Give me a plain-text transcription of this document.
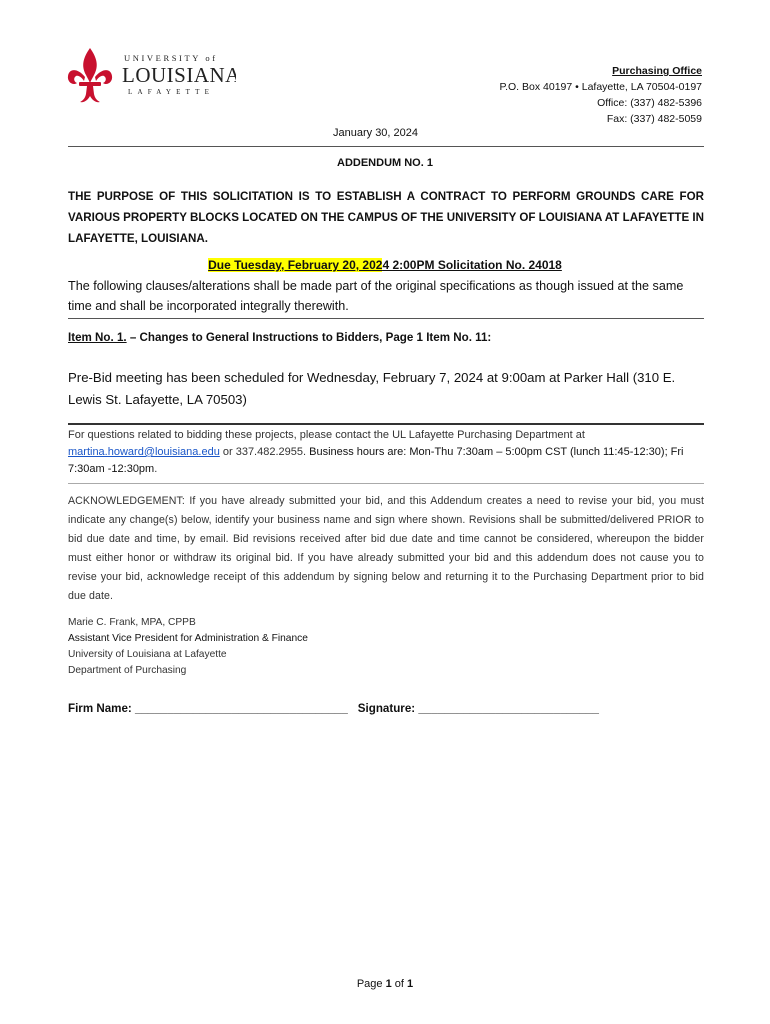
UNIVERSITY of
LOUISIANA
LAFAYETTE
Purchasing Office
P.O. Box 40197 • Lafayette, LA 70504-0197
Office: (337) 482-5396
Fax: (337) 482-5059
January 30, 2024
ADDENDUM NO. 1
THE PURPOSE OF THIS SOLICITATION IS TO ESTABLISH A CONTRACT TO PERFORM GROUNDS CARE FOR VARIOUS PROPERTY BLOCKS LOCATED ON THE CAMPUS OF THE UNIVERSITY OF LOUISIANA AT LAFAYETTE IN LAFAYETTE, LOUISIANA.
Due Tuesday, February 20, 2024 2:00PM Solicitation No. 24018
The following clauses/alterations shall be made part of the original specifications as though issued at the same time and shall be incorporated integrally therewith.
Item No. 1. – Changes to General Instructions to Bidders, Page 1 Item No. 11:
Pre-Bid meeting has been scheduled for Wednesday, February 7, 2024 at 9:00am at Parker Hall (310 E. Lewis St. Lafayette, LA 70503)
For questions related to bidding these projects, please contact the UL Lafayette Purchasing Department at martina.howard@louisiana.edu or 337.482.2955. Business hours are: Mon-Thu 7:30am – 5:00pm CST (lunch 11:45-12:30); Fri 7:30am -12:30pm.
ACKNOWLEDGEMENT: If you have already submitted your bid, and this Addendum creates a need to revise your bid, you must indicate any change(s) below, identify your business name and sign where shown. Revisions shall be submitted/delivered PRIOR to bid due date and time, by email. Bid revisions received after bid due date and time cannot be considered, whereupon the bidder must either honor or withdraw its original bid. If you have already submitted your bid and this addendum does not cause you to revise your bid, acknowledge receipt of this addendum by signing below and returning it to the Purchasing Department prior to bid due date.
Marie C. Frank, MPA, CPPB
Assistant Vice President for Administration & Finance
University of Louisiana at Lafayette
Department of Purchasing
Firm Name: _________________________________ Signature: ____________________________
Page 1 of 1
